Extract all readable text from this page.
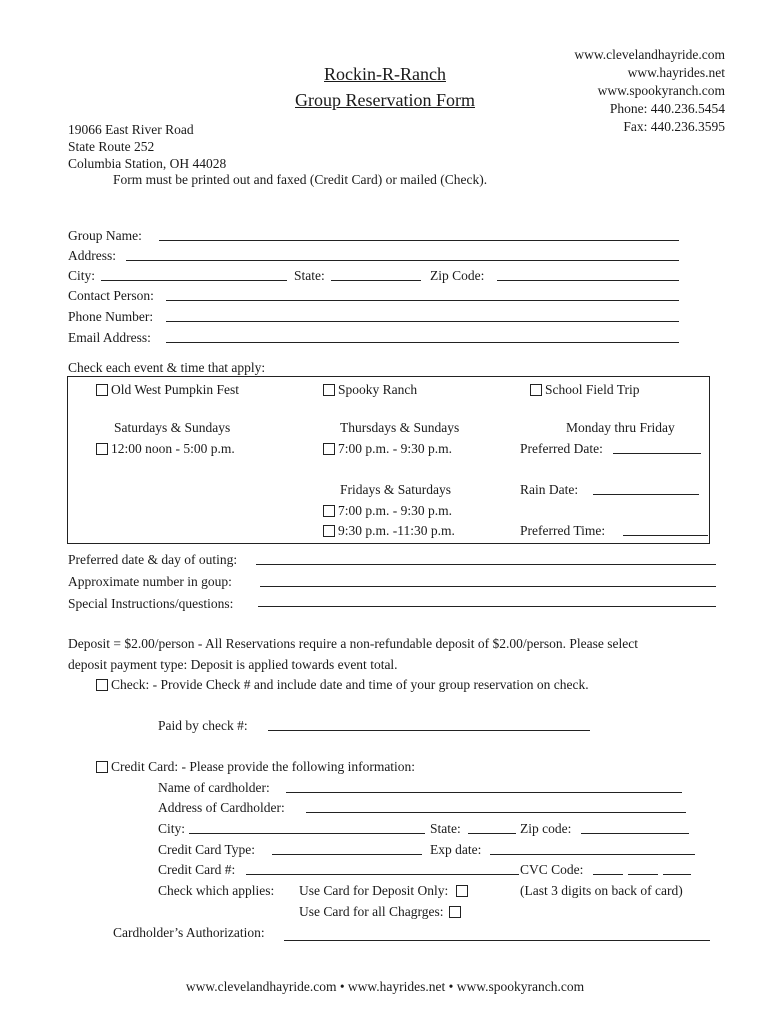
Rockin-R-Ranch
Group Reservation Form
www.clevelandhayride.com
www.hayrides.net
www.spookyranch.com
Phone: 440.236.5454
Fax: 440.236.3595
19066 East River Road
State Route 252
Columbia Station, OH 44028
Form must be printed out and faxed (Credit Card) or mailed (Check).
Group Name:
Address:
City:	State:	Zip Code:
Contact Person:
Phone Number:
Email Address:
Check each event & time that apply:
Old West Pumpkin Fest
Saturdays & Sundays
12:00 noon - 5:00 p.m.
Spooky Ranch
Thursdays & Sundays
7:00 p.m. - 9:30 p.m.
Fridays & Saturdays
7:00 p.m. - 9:30 p.m.
9:30 p.m. -11:30 p.m.
School Field Trip
Monday thru Friday
Preferred Date:
Rain Date:
Preferred Time:
Preferred date & day of outing:
Approximate number in goup:
Special Instructions/questions:
Deposit = $2.00/person - All Reservations require a non-refundable deposit of $2.00/person. Please select
deposit payment type: Deposit is applied towards event total.
Check: - Provide Check # and include date and time of your group reservation on check.
Paid by check #:
Credit Card: - Please provide the following information:
Name of cardholder:
Address of Cardholder:
City:	State:	Zip code:
Credit Card Type:	Exp date:
Credit Card #:	CVC Code:
Check which applies: Use Card for Deposit Only:	(Last 3 digits on back of card)
Use Card for all Chagrges:
Cardholder’s Authorization:
www.clevelandhayride.com • www.hayrides.net • www.spookyranch.com
